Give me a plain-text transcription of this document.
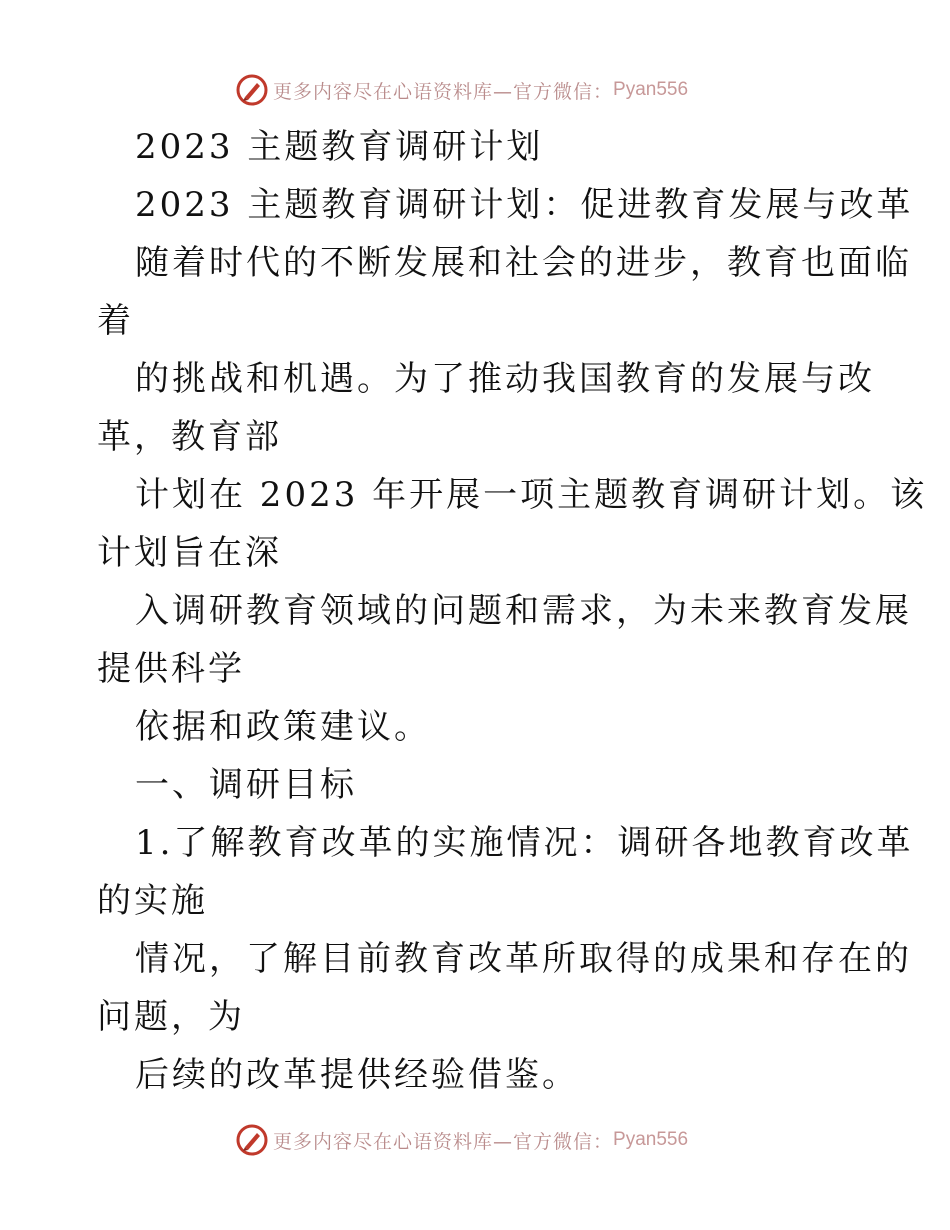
更多内容尽在心语资料库—官方微信： Pyan556
2023 主题教育调研计划
2023 主题教育调研计划：促进教育发展与改革
随着时代的不断发展和社会的进步，教育也面临
着
的挑战和机遇。为了推动我国教育的发展与改
革，教育部
计划在 2023 年开展一项主题教育调研计划。该
计划旨在深
入调研教育领域的问题和需求，为未来教育发展
提供科学
依据和政策建议。
一、调研目标
1.了解教育改革的实施情况：调研各地教育改革
的实施
情况，了解目前教育改革所取得的成果和存在的
问题，为
后续的改革提供经验借鉴。
更多内容尽在心语资料库—官方微信： Pyan556
